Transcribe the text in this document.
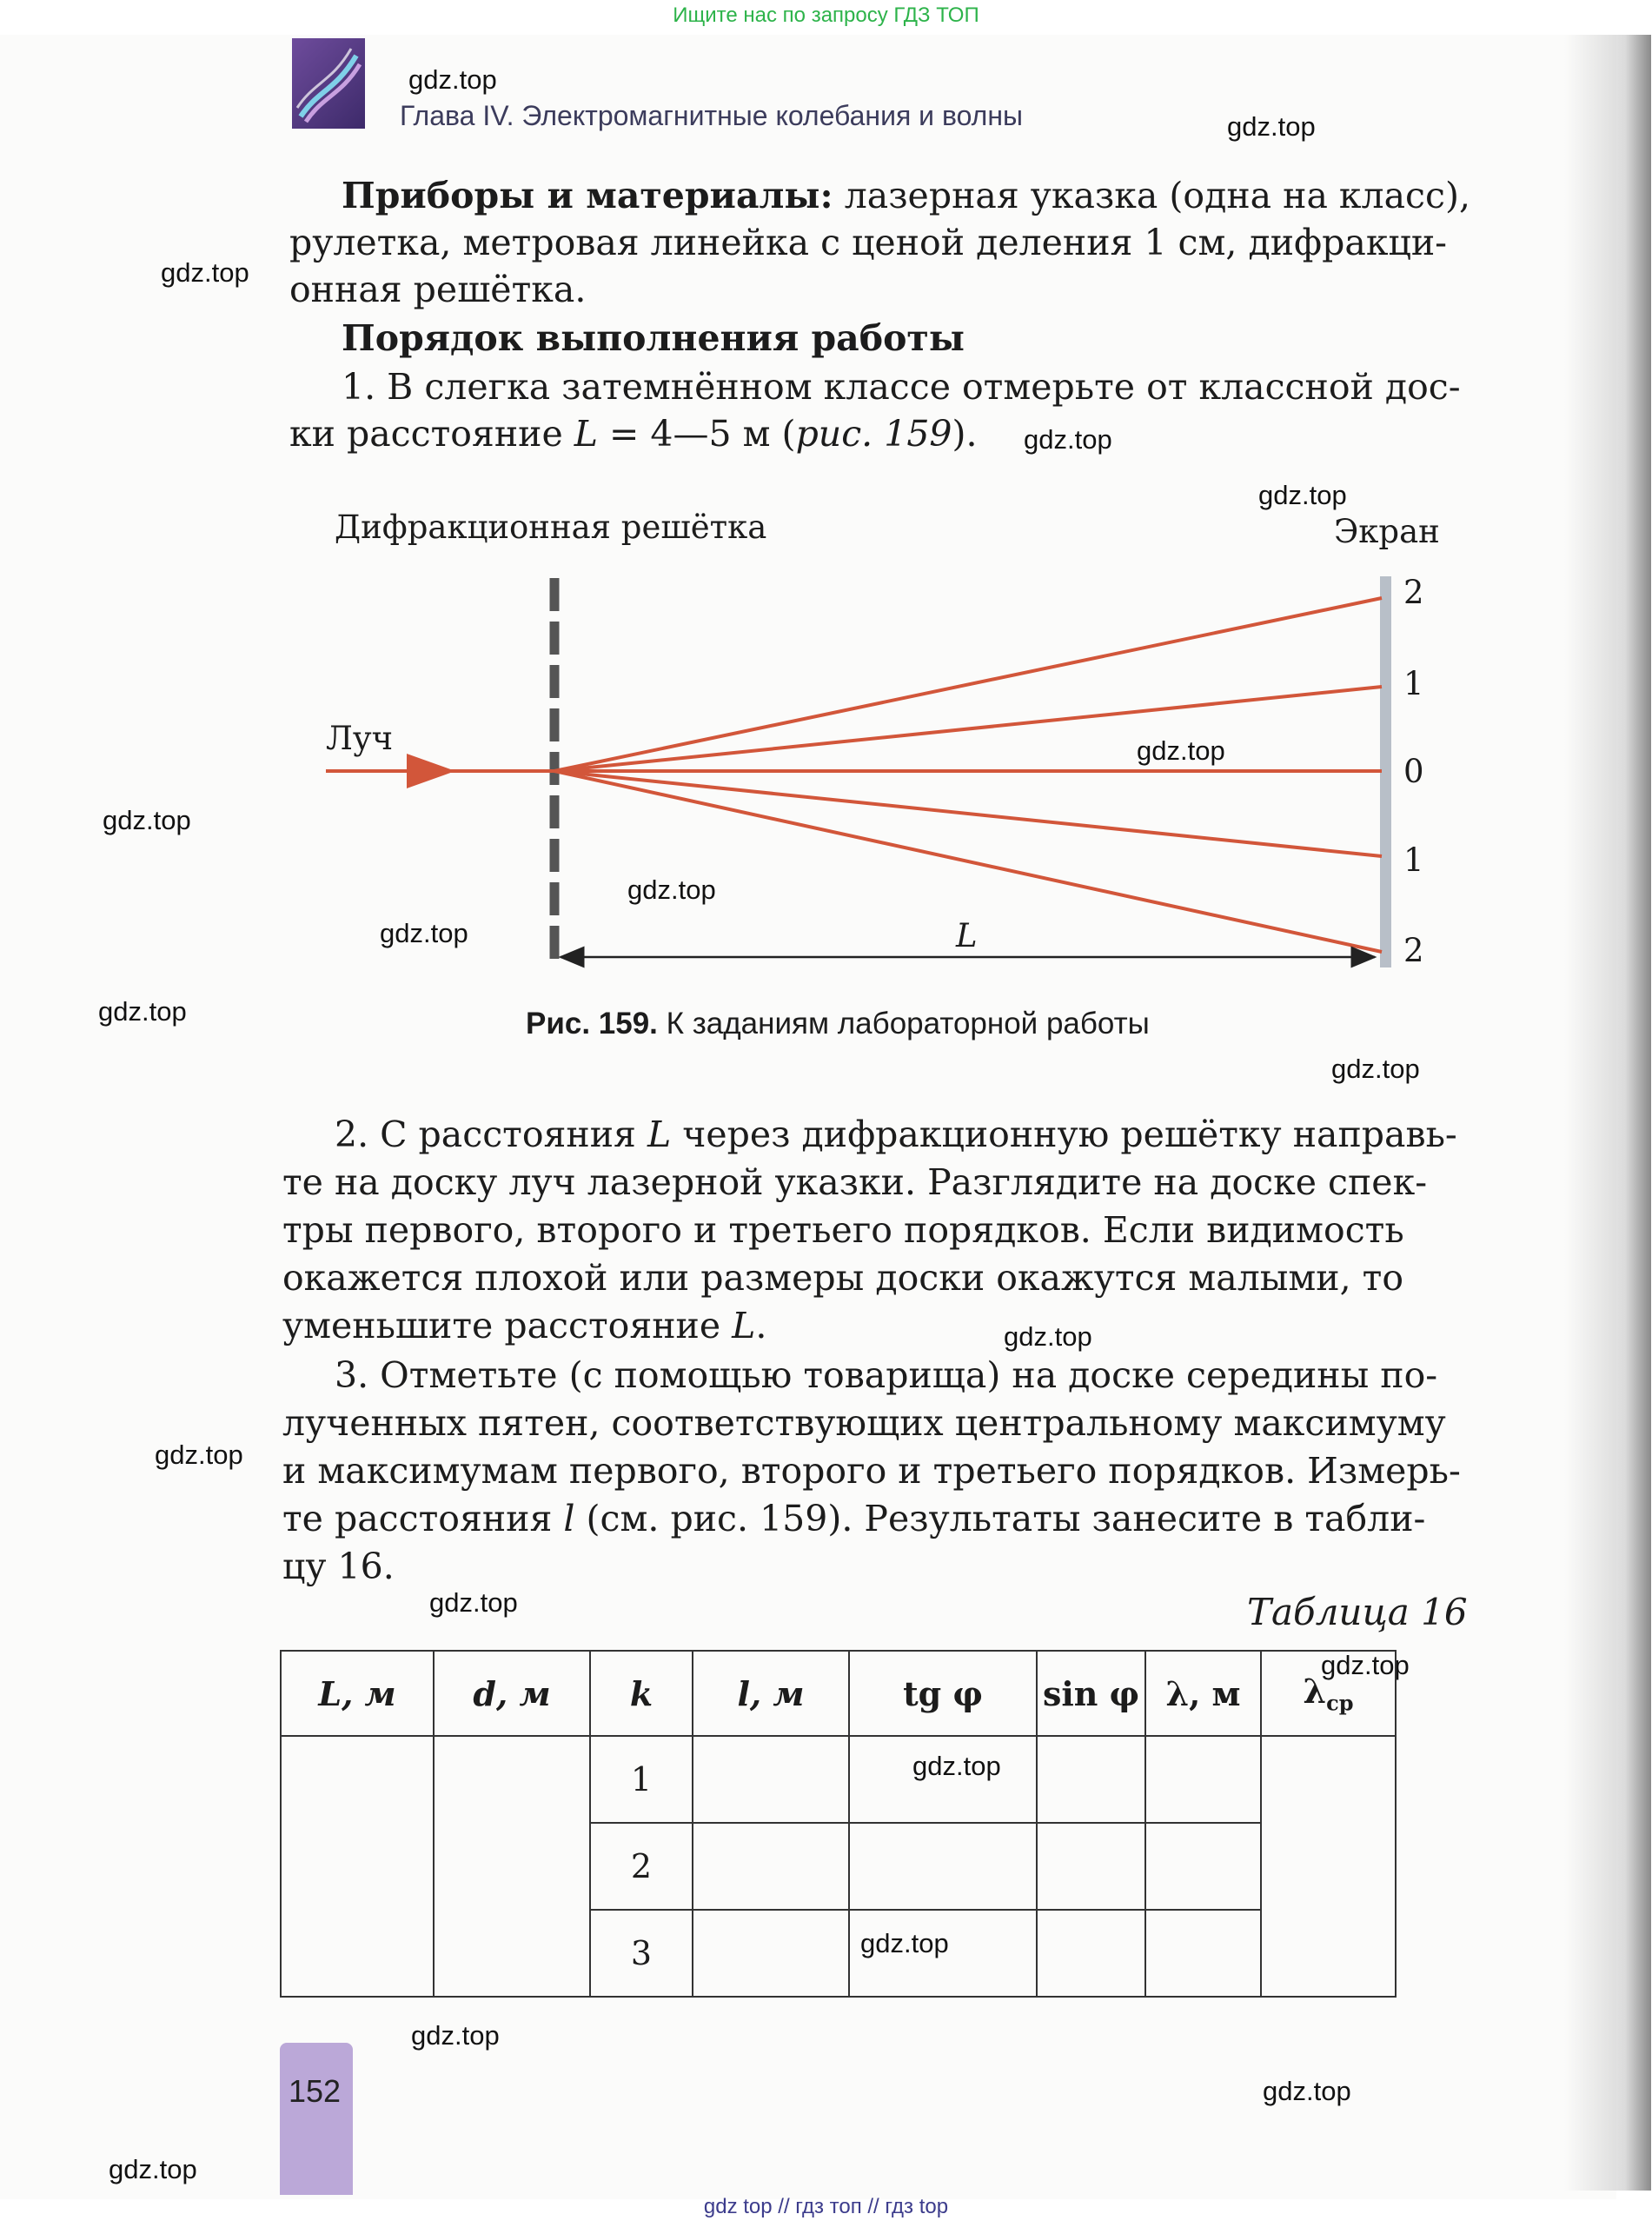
Ищите нас по запросу ГДЗ ТОП
Глава IV. Электромагнитные колебания и волны
gdz.top
gdz.top
gdz.top
gdz.top
gdz.top
gdz.top
gdz.top
gdz.top
gdz.top
gdz.top
gdz.top
gdz.top
gdz.top
gdz.top
gdz.top
gdz.top
gdz.top
gdz.top
gdz.top
gdz.top
Приборы и материалы: лазерная указка (одна на класс),
рулетка, метровая линейка с ценой деления 1 см, дифракци-
онная решётка.
Порядок выполнения работы
1. В слегка затемнённом классе отмерьте от классной дос-
ки расстояние L = 4—5 м (рис. 159).
Дифракционная решётка	Экран
Луч
L
2
1
0
1
2
Рис. 159. К заданиям лабораторной работы
2. С расстояния L через дифракционную решётку направь-
те на доску луч лазерной указки. Разглядите на доске спек-
тры первого, второго и третьего порядков. Если видимость
окажется плохой или размеры доски окажутся малыми, то
уменьшите расстояние L.
3. Отметьте (с помощью товарища) на доске середины по-
лученных пятен, соответствующих центральному максимуму
и максимумам первого, второго и третьего порядков. Измерь-
те расстояния l (см. рис. 159). Результаты занесите в табли-
цу 16.
Таблица 16
L, м	d, м	k	l, м	tg φ	sin φ	λ, м	$\lambda_{ср}$
		1					
		2					
		3					
152
gdz top // гдз топ // гдз top
